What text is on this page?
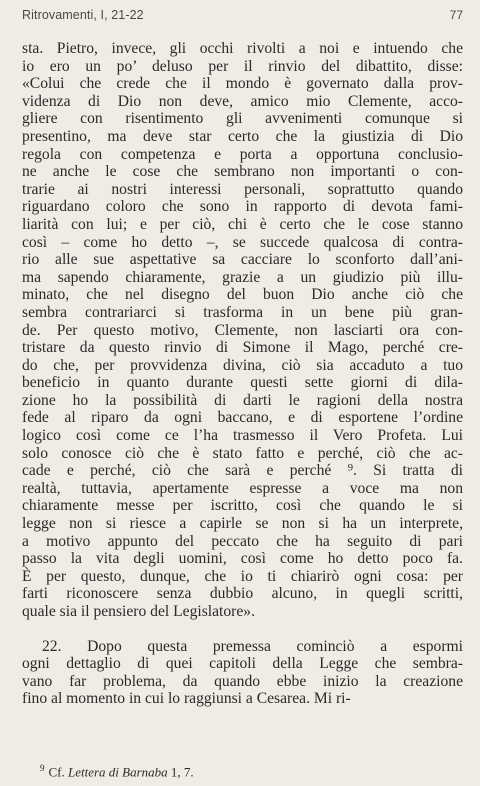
Ritrovamenti, I, 21-22	77
sta. Pietro, invece, gli occhi rivolti a noi e intuendo che
io ero un po’ deluso per il rinvio del dibattito, disse:
«Colui che crede che il mondo è governato dalla prov-
videnza di Dio non deve, amico mio Clemente, acco-
gliere con risentimento gli avvenimenti comunque si
presentino, ma deve star certo che la giustizia di Dio
regola con competenza e porta a opportuna conclusio-
ne anche le cose che sembrano non importanti o con-
trarie ai nostri interessi personali, soprattutto quando
riguardano coloro che sono in rapporto di devota fami-
liarità con lui; e per ciò, chi è certo che le cose stanno
così – come ho detto –, se succede qualcosa di contra-
rio alle sue aspettative sa cacciare lo sconforto dall’ani-
ma sapendo chiaramente, grazie a un giudizio più illu-
minato, che nel disegno del buon Dio anche ciò che
sembra contrariarci si trasforma in un bene più gran-
de. Per questo motivo, Clemente, non lasciarti ora con-
tristare da questo rinvio di Simone il Mago, perché cre-
do che, per provvidenza divina, ciò sia accaduto a tuo
beneficio in quanto durante questi sette giorni di dila-
zione ho la possibilità di darti le ragioni della nostra
fede al riparo da ogni baccano, e di esportene l’ordine
logico così come ce l’ha trasmesso il Vero Profeta. Lui
solo conosce ciò che è stato fatto e perché, ciò che ac-
cade e perché, ciò che sarà e perché ⁹. Si tratta di
realtà, tuttavia, apertamente espresse a voce ma non
chiaramente messe per iscritto, così che quando le si
legge non si riesce a capirle se non si ha un interprete,
a motivo appunto del peccato che ha seguito di pari
passo la vita degli uomini, così come ho detto poco fa.
È per questo, dunque, che io ti chiarirò ogni cosa: per
farti riconoscere senza dubbio alcuno, in quegli scritti,
quale sia il pensiero del Legislatore».
22. Dopo questa premessa cominciò a espormi
ogni dettaglio di quei capitoli della Legge che sembra-
vano far problema, da quando ebbe inizio la creazione
fino al momento in cui lo raggiunsi a Cesarea. Mi ri-
$^9$ Cf. Lettera di Barnaba 1, 7.
